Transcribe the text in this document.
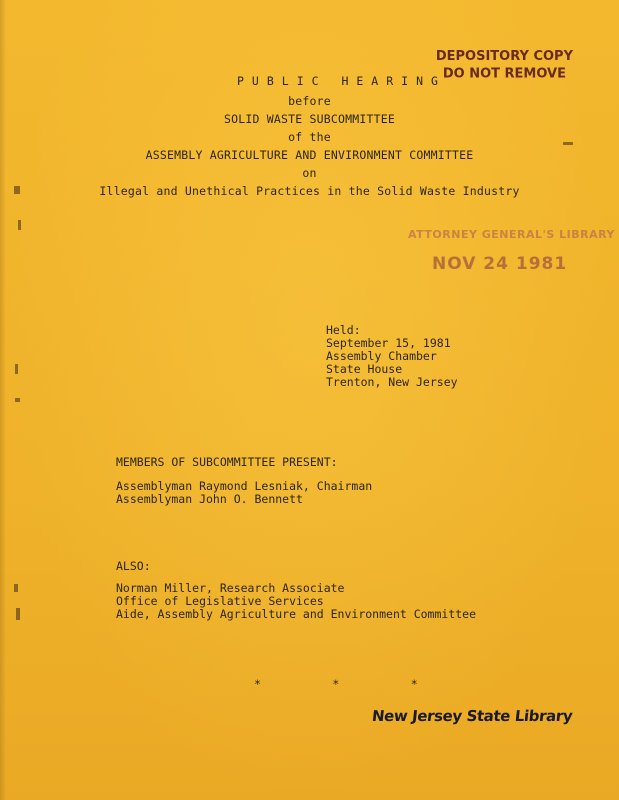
DEPOSITORY COPY
DO NOT REMOVE
ATTORNEY GENERAL'S LIBRARY
NOV 24 1981
PUBLIC HEARING
before
SOLID WASTE SUBCOMMITTEE
of the
ASSEMBLY AGRICULTURE AND ENVIRONMENT COMMITTEE
on
Illegal and Unethical Practices in the Solid Waste Industry
Held:
September 15, 1981
Assembly Chamber
State House
Trenton, New Jersey
MEMBERS OF SUBCOMMITTEE PRESENT:
Assemblyman Raymond Lesniak, Chairman
Assemblyman John O. Bennett
ALSO:
Norman Miller, Research Associate
Office of Legislative Services
Aide, Assembly Agriculture and Environment Committee
*          *          *
New Jersey State Library
